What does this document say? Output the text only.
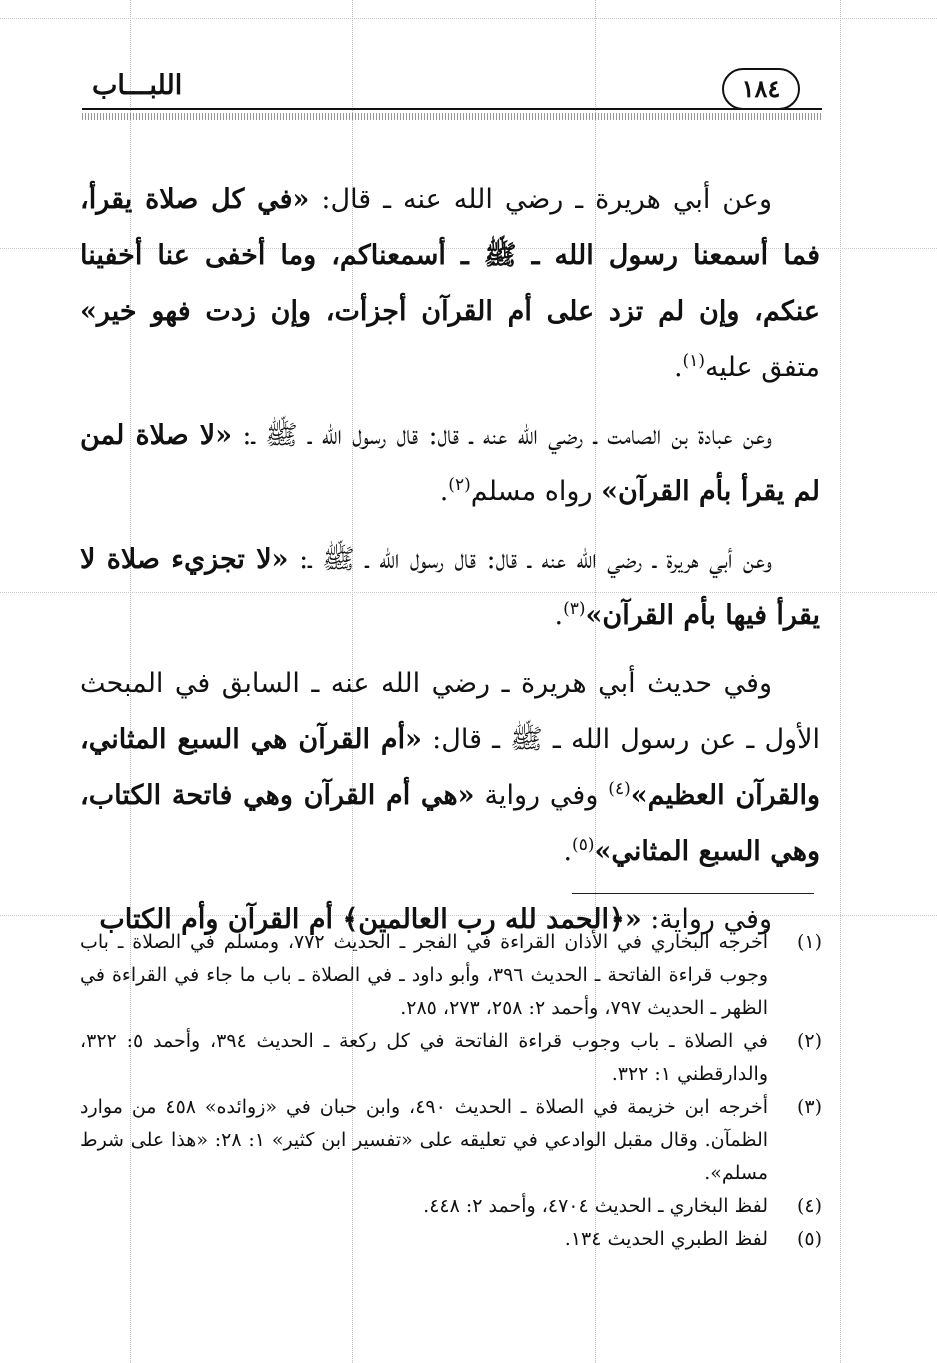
اللبـــاب	١٨٤

وعن أبي هريرة ـ رضي الله عنه ـ قال: «في كل صلاة يقرأ، فما أسمعنا رسول الله ـ ﷺ ـ أسمعناكم، وما أخفى عنا أخفينا عنكم، وإن لم تزد على أم القرآن أجزأت، وإن زدت فهو خير» متفق عليه$^{(١)}$.

وعن عبادة بن الصامت ـ رضي الله عنه ـ قال: قال رسول الله ـ ﷺ ـ: «لا صلاة لمن لم يقرأ بأم القرآن» رواه مسلم$^{(٢)}$.

وعن أبي هريرة ـ رضي الله عنه ـ قال: قال رسول الله ـ ﷺ ـ: «لا تجزيء صلاة لا يقرأ فيها بأم القرآن»$^{(٣)}$.

وفي حديث أبي هريرة ـ رضي الله عنه ـ السابق في المبحث الأول ـ عن رسول الله ـ ﷺ ـ قال: «أم القرآن هي السبع المثاني، والقرآن العظيم»$^{(٤)}$ وفي رواية «هي أم القرآن وهي فاتحة الكتاب، وهي السبع المثاني»$^{(٥)}$.

وفي رواية: «﴿الحمد لله رب العالمين﴾ أم القرآن وأم الكتاب

(١)
أخرجه البخاري في الأذان القراءة في الفجر ـ الحديث ٧٧٢، ومسلم في الصلاة ـ باب وجوب قراءة الفاتحة ـ الحديث ٣٩٦، وأبو داود ـ في الصلاة ـ باب ما جاء في القراءة في الظهر ـ الحديث ٧٩٧، وأحمد ٢: ٢٥٨، ٢٧٣، ٢٨٥.
(٢)
في الصلاة ـ باب وجوب قراءة الفاتحة في كل ركعة ـ الحديث ٣٩٤، وأحمد ٥: ٣٢٢، والدارقطني ١: ٣٢٢.
(٣)
أخرجه ابن خزيمة في الصلاة ـ الحديث ٤٩٠، وابن حبان في «زوائده» ٤٥٨ من موارد الظمآن. وقال مقبل الوادعي في تعليقه على «تفسير ابن كثير» ١: ٢٨: «هذا على شرط مسلم».
(٤)
لفظ البخاري ـ الحديث ٤٧٠٤، وأحمد ٢: ٤٤٨.
(٥)
لفظ الطبري الحديث ١٣٤.
